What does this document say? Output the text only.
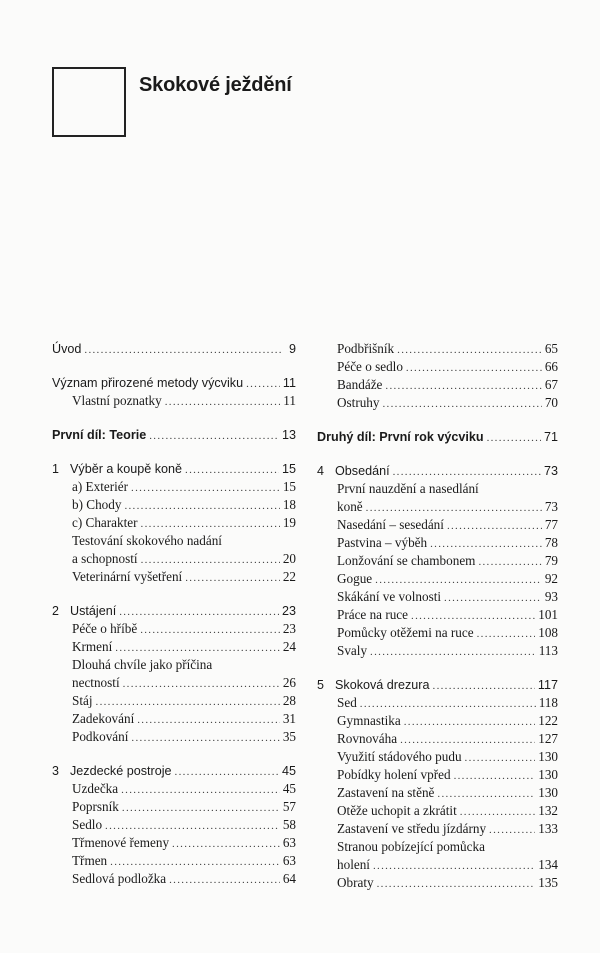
Skokové ježdění
Úvod .....	9
Význam přirozené metody výcviku .....	11
Vlastní poznatky .....	11
První díl: Teorie .....	13
1 Výběr a koupě koně .....	15
a) Exteriér .....	15
b) Chody .....	18
c) Charakter .....	19
Testování skokového nadání
a schopností .....	20
Veterinární vyšetření .....	22
2 Ustájení .....	23
Péče o hříbě .....	23
Krmení .....	24
Dlouhá chvíle jako příčina
nectností .....	26
Stáj .....	28
Zadekování .....	31
Podkování .....	35
3 Jezdecké postroje .....	45
Uzdečka .....	45
Poprsník .....	57
Sedlo .....	58
Třmenové řemeny .....	63
Třmen .....	63
Sedlová podložka .....	64
Podbřišník .....	65
Péče o sedlo .....	66
Bandáže .....	67
Ostruhy .....	70
Druhý díl: První rok výcviku .....	71
4 Obsedání .....	73
První nauzdění a nasedlání
koně .....	73
Nasedání – sesedání .....	77
Pastvina – výběh .....	78
Lonžování se chambonem .....	79
Gogue .....	92
Skákání ve volnosti .....	93
Práce na ruce .....	101
Pomůcky otěžemi na ruce .....	108
Svaly .....	113
5 Skoková drezura .....	117
Sed .....	118
Gymnastika .....	122
Rovnováha .....	127
Využití stádového pudu .....	130
Pobídky holení vpřed .....	130
Zastavení na stěně .....	130
Otěže uchopit a zkrátit .....	132
Zastavení ve středu jízdárny .....	133
Stranou pobízející pomůcka
holení .....	134
Obraty .....	135
